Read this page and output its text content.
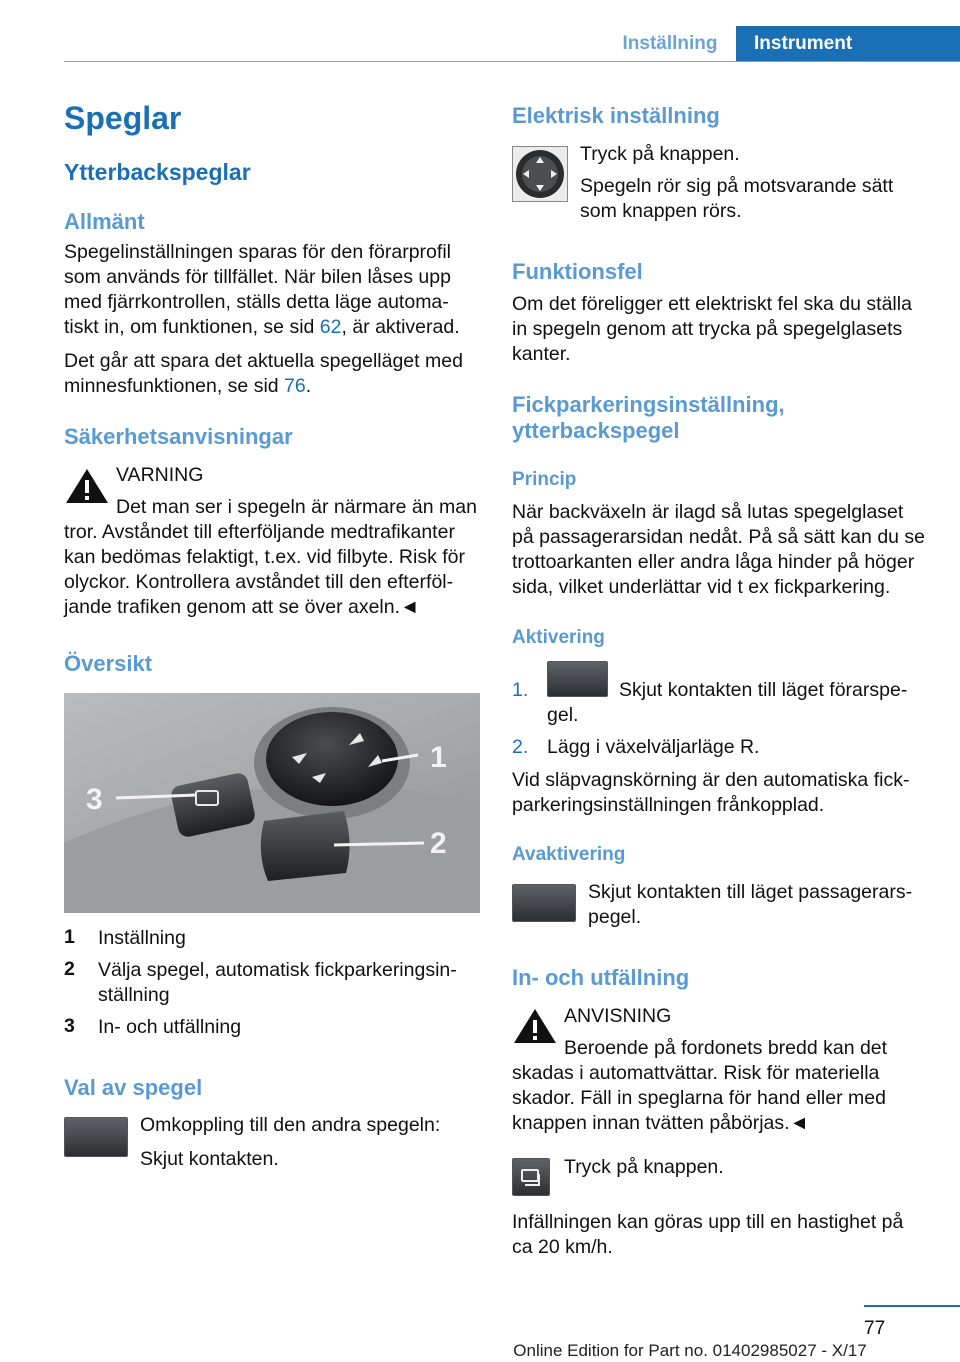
Inställning	Instrument
Speglar
Ytterbackspeglar
Allmänt
Spegelinställningen sparas för den förarprofil
som används för tillfället. När bilen låses upp
med fjärrkontrollen, ställs detta läge automa‐
tiskt in, om funktionen, se sid 62, är aktiverad.
Det går att spara det aktuella spegelläget med
minnesfunktionen, se sid 76.
Säkerhetsanvisningar
VARNING
Det man ser i spegeln är närmare än man
tror. Avståndet till efterföljande medtrafikanter
kan bedömas felaktigt, t.ex. vid filbyte. Risk för
olyckor. Kontrollera avståndet till den efterföl‐
jande trafiken genom att se över axeln.◄
Översikt
1
2
3
1 Inställning
2 Välja spegel, automatisk fickparkeringsin‐
ställning
3 In- och utfällning
Val av spegel
Omkoppling till den andra spegeln:
Skjut kontakten.
Elektrisk inställning
Tryck på knappen.
Spegeln rör sig på motsvarande sätt
som knappen rörs.
Funktionsfel
Om det föreligger ett elektriskt fel ska du ställa
in spegeln genom att trycka på spegelglasets
kanter.
Fickparkeringsinställning,
ytterbackspegel
Princip
När backväxeln är ilagd så lutas spegelglaset
på passagerarsidan nedåt. På så sätt kan du se
trottoarkanten eller andra låga hinder på höger
sida, vilket underlättar vid t ex fickparkering.
Aktivering
1.	Skjut kontakten till läget förarspe‐
gel.
2. Lägg i växelväljarläge R.
Vid släpvagnskörning är den automatiska fick‐
parkeringsinställningen frånkopplad.
Avaktivering
Skjut kontakten till läget passagerars‐
pegel.
In- och utfällning
ANVISNING
Beroende på fordonets bredd kan det
skadas i automattvättar. Risk för materiella
skador. Fäll in speglarna för hand eller med
knappen innan tvätten påbörjas.◄
Tryck på knappen.
Infällningen kan göras upp till en hastighet på
ca 20 km/h.
77
Online Edition for Part no. 01402985027 - X/17
